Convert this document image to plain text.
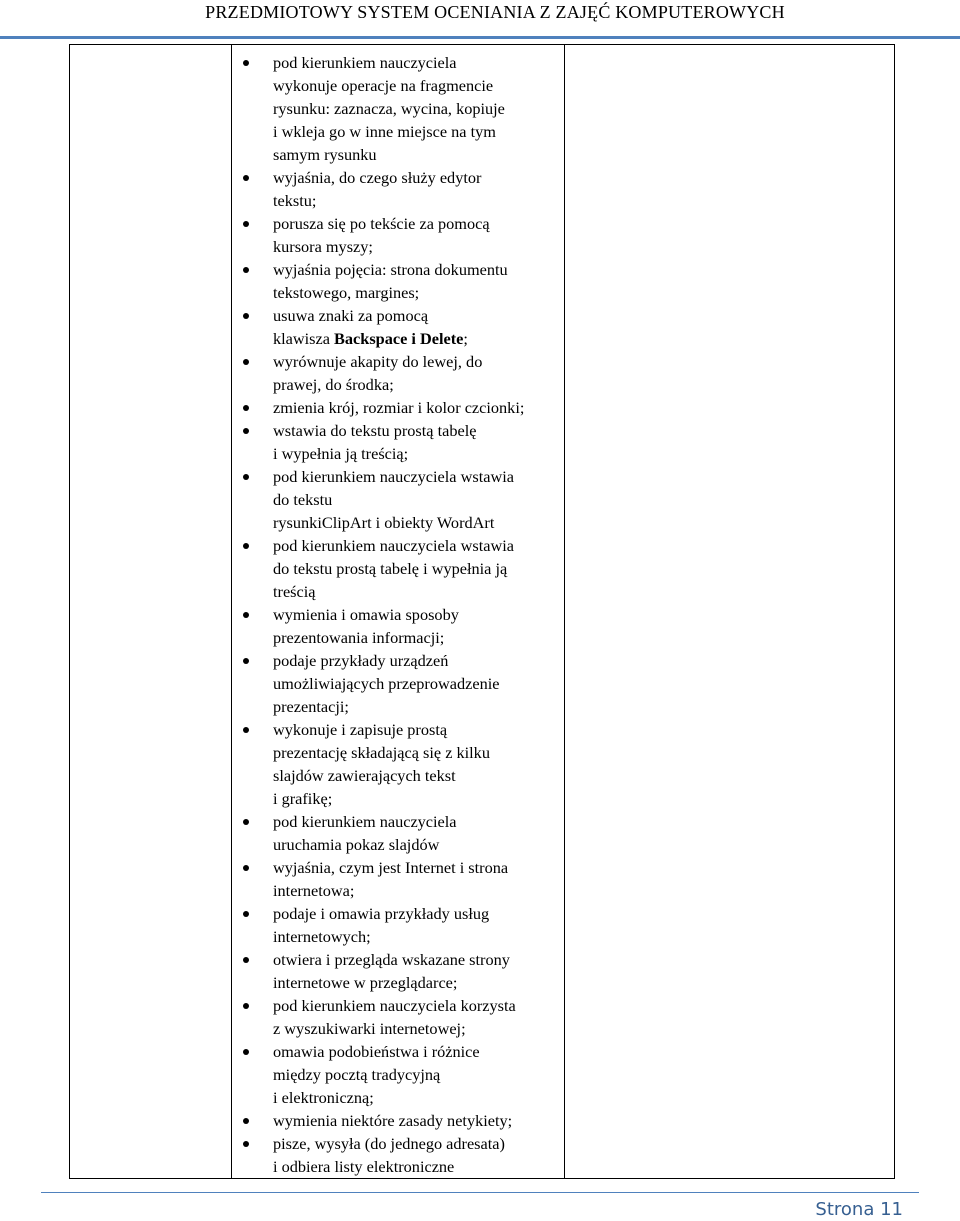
PRZEDMIOTOWY SYSTEM OCENIANIA Z ZAJĘĆ KOMPUTEROWYCH

pod kierunkiem nauczyciela
wykonuje operacje na fragmencie
rysunku: zaznacza, wycina, kopiuje
i wkleja go w inne miejsce na tym
samym rysunku
wyjaśnia, do czego służy edytor
tekstu;
porusza się po tekście za pomocą
kursora myszy;
wyjaśnia pojęcia: strona dokumentu
tekstowego, margines;
usuwa znaki za pomocą
klawisza Backspace i Delete;
wyrównuje akapity do lewej, do
prawej, do środka;
zmienia krój, rozmiar i kolor czcionki;
wstawia do tekstu prostą tabelę
i wypełnia ją treścią;
pod kierunkiem nauczyciela wstawia
do tekstu
rysunkiClipArt i obiekty WordArt
pod kierunkiem nauczyciela wstawia
do tekstu prostą tabelę i wypełnia ją
treścią
wymienia i omawia sposoby
prezentowania informacji;
podaje przykłady urządzeń
umożliwiających przeprowadzenie
prezentacji;
wykonuje i zapisuje prostą
prezentację składającą się z kilku
slajdów zawierających tekst
i grafikę;
pod kierunkiem nauczyciela
uruchamia pokaz slajdów
wyjaśnia, czym jest Internet i strona
internetowa;
podaje i omawia przykłady usług
internetowych;
otwiera i przegląda wskazane strony
internetowe w przeglądarce;
pod kierunkiem nauczyciela korzysta
z wyszukiwarki internetowej;
omawia podobieństwa i różnice
między pocztą tradycyjną
i elektroniczną;
wymienia niektóre zasady netykiety;
pisze, wysyła (do jednego adresata)
i odbiera listy elektroniczne

Strona 11
